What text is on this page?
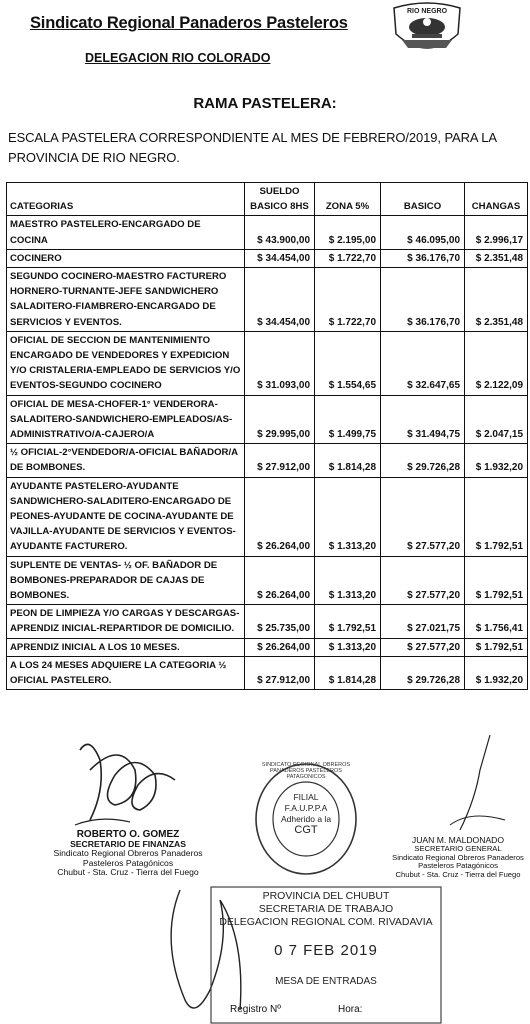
Sindicato Regional Panaderos Pasteleros
DELEGACION RIO COLORADO
RIO NEGRO
RAMA PASTELERA:
ESCALA PASTELERA CORRESPONDIENTE AL MES DE FEBRERO/2019, PARA LA PROVINCIA DE RIO NEGRO.
CATEGORIAS	SUELDO BASICO 8HS	ZONA 5%	BASICO	CHANGAS
MAESTRO PASTELERO-ENCARGADO DE COCINA	$ 43.900,00	$ 2.195,00	$ 46.095,00	$ 2.996,17
COCINERO	$ 34.454,00	$ 1.722,70	$ 36.176,70	$ 2.351,48
SEGUNDO COCINERO-MAESTRO FACTURERO HORNERO-TURNANTE-JEFE SANDWICHERO SALADITERO-FIAMBRERO-ENCARGADO DE SERVICIOS Y EVENTOS.	$ 34.454,00	$ 1.722,70	$ 36.176,70	$ 2.351,48
OFICIAL DE SECCION DE MANTENIMIENTO ENCARGADO DE VENDEDORES Y EXPEDICION Y/O CRISTALERIA-EMPLEADO DE SERVICIOS Y/O EVENTOS-SEGUNDO COCINERO	$ 31.093,00	$ 1.554,65	$ 32.647,65	$ 2.122,09
OFICIAL DE MESA-CHOFER-1° VENDERORA-SALADITERO-SANDWICHERO-EMPLEADOS/AS-ADMINISTRATIVO/A-CAJERO/A	$ 29.995,00	$ 1.499,75	$ 31.494,75	$ 2.047,15
½ OFICIAL-2°VENDEDOR/A-OFICIAL BAÑADOR/A DE BOMBONES.	$ 27.912,00	$ 1.814,28	$ 29.726,28	$ 1.932,20
AYUDANTE PASTELERO-AYUDANTE SANDWICHERO-SALADITERO-ENCARGADO DE PEONES-AYUDANTE DE COCINA-AYUDANTE DE VAJILLA-AYUDANTE DE SERVICIOS Y EVENTOS-AYUDANTE FACTURERO.	$ 26.264,00	$ 1.313,20	$ 27.577,20	$ 1.792,51
SUPLENTE DE VENTAS- ½ OF. BAÑADOR DE BOMBONES-PREPARADOR DE CAJAS DE BOMBONES.	$ 26.264,00	$ 1.313,20	$ 27.577,20	$ 1.792,51
PEON DE LIMPIEZA Y/O CARGAS Y DESCARGAS-APRENDIZ INICIAL-REPARTIDOR DE DOMICILIO.	$ 25.735,00	$ 1.792,51	$ 27.021,75	$ 1.756,41
APRENDIZ INICIAL A LOS 10 MESES.	$ 26.264,00	$ 1.313,20	$ 27.577,20	$ 1.792,51
A LOS 24 MESES ADQUIERE LA CATEGORIA ½ OFICIAL PASTELERO.	$ 27.912,00	$ 1.814,28	$ 29.726,28	$ 1.932,20
ROBERTO O. GOMEZ
SECRETARIO DE FINANZAS
Sindicato Regional Obreros Panaderos
Pasteleros Patagónicos
Chubut - Sta. Cruz - Tierra del Fuego
SINDICATO REGIONAL OBREROS PANADEROS PASTELEROS PATAGONICOS
FILIAL
F.A.U.P.P.A
Adherido a la
CGT
JUAN M. MALDONADO
SECRETARIO GENERAL
Sindicato Regional Obreros Panaderos
Pasteleros Patagónicos
Chubut - Sta. Cruz - Tierra del Fuego
PROVINCIA DEL CHUBUT
SECRETARIA DE TRABAJO
DELEGACION REGIONAL COM. RIVADAVIA
0 7 FEB 2019
MESA DE ENTRADAS
Registro Nº	Hora:
